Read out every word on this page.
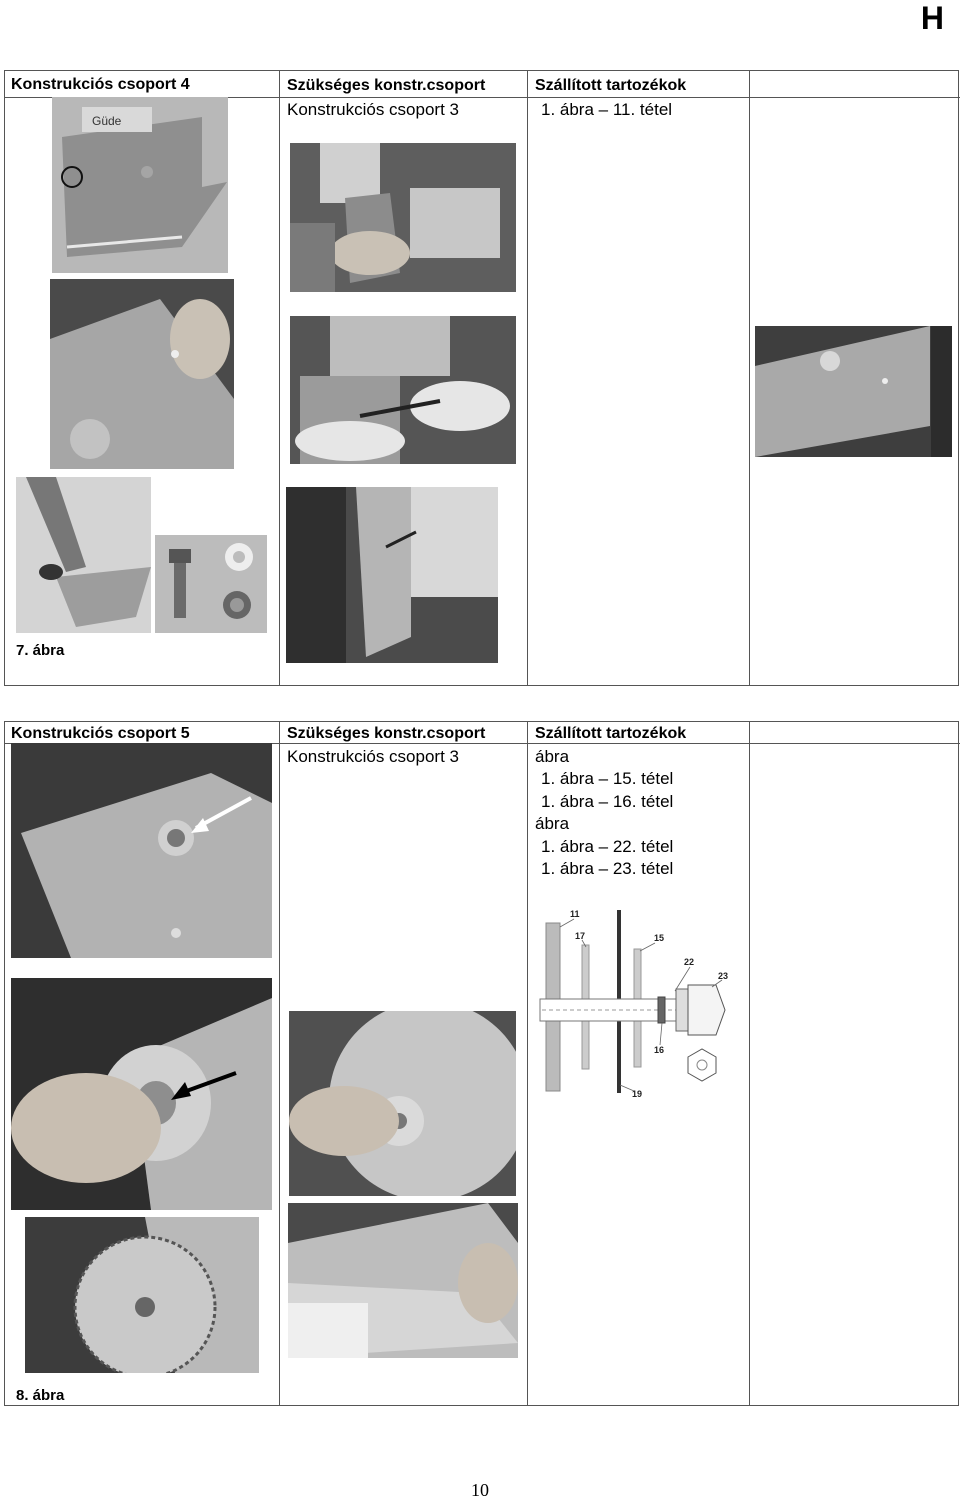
H
Konstrukciós csoport 4	Szükséges konstr.csoport	Szállított tartozékok
Konstrukciós csoport 3	1. ábra – 11. tétel
7. ábra
Güde
Konstrukciós csoport 5	Szükséges konstr.csoport	Szállított tartozékok
Konstrukciós csoport 3	ábra
1. ábra – 15. tétel
1. ábra – 16. tétel
ábra
1. ábra – 22. tétel
1. ábra – 23. tétel
8. ábra
11
17	15
22
23
16
19
10
